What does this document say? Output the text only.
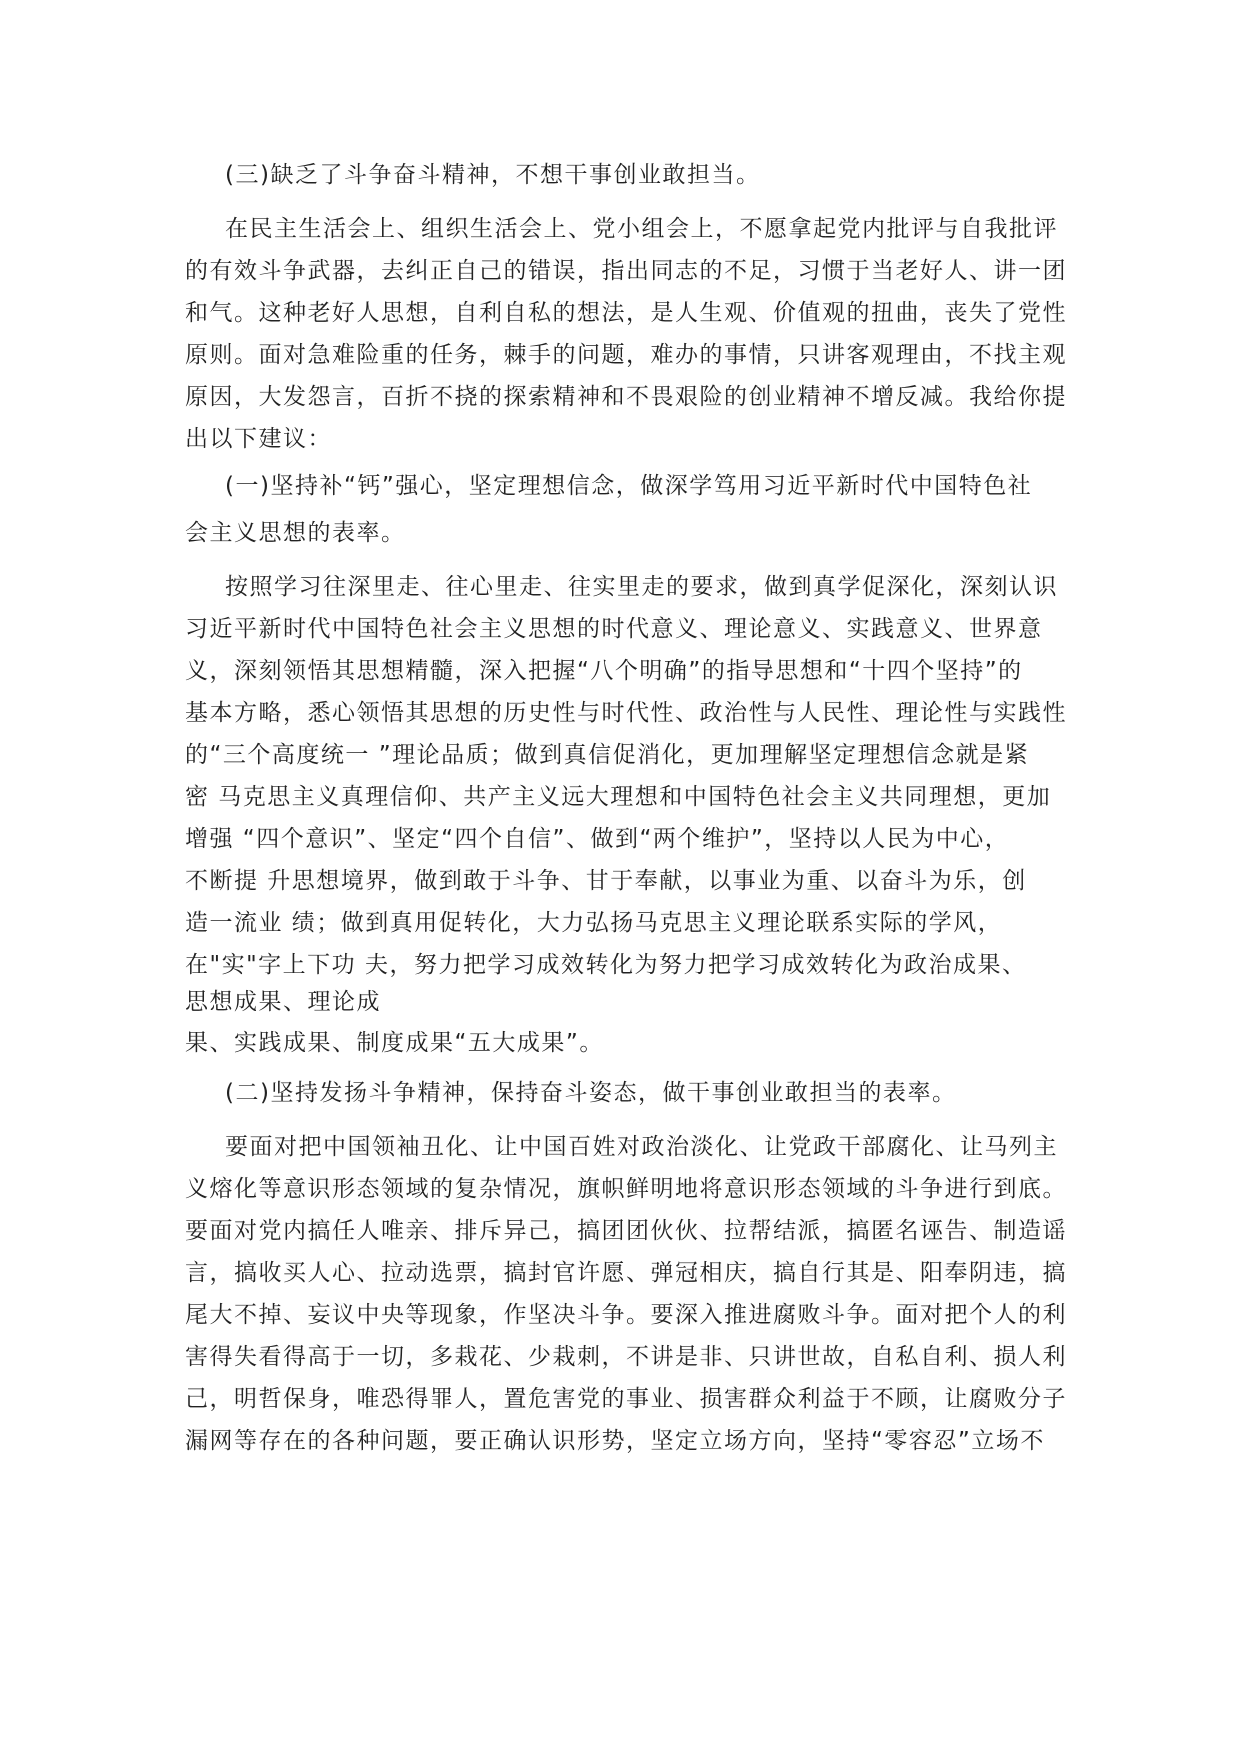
(三)缺乏了斗争奋斗精神，不想干事创业敢担当。

在民主生活会上、组织生活会上、党小组会上，不愿拿起党内批评与自我批评

的有效斗争武器，去纠正自己的错误，指出同志的不足，习惯于当老好人、讲一团

和气。这种老好人思想，自利自私的想法，是人生观、价值观的扭曲，丧失了党性

原则。面对急难险重的任务，棘手的问题，难办的事情，只讲客观理由，不找主观

原因，大发怨言，百折不挠的探索精神和不畏艰险的创业精神不增反减。我给你提

出以下建议：

(一)坚持补“钙”强心，坚定理想信念，做深学笃用习近平新时代中国特色社

会主义思想的表率。

按照学习往深里走、往心里走、往实里走的要求，做到真学促深化，深刻认识

习近平新时代中国特色社会主义思想的时代意义、理论意义、实践意义、世界意

义，深刻领悟其思想精髓，深入把握“八个明确”的指导思想和“十四个坚持”的

基本方略，悉心领悟其思想的历史性与时代性、政治性与人民性、理论性与实践性

的“三个高度统一 ”理论品质；做到真信促消化，更加理解坚定理想信念就是紧

密 马克思主义真理信仰、共产主义远大理想和中国特色社会主义共同理想，更加

增强 “四个意识”、坚定“四个自信”、做到“两个维护”，坚持以人民为中心，

不断提 升思想境界，做到敢于斗争、甘于奉献，以事业为重、以奋斗为乐，创

造一流业 绩；做到真用促转化，大力弘扬马克思主义理论联系实际的学风，

在"实"字上下功 夫，努力把学习成效转化为努力把学习成效转化为政治成果、

思想成果、理论成

果、实践成果、制度成果“五大成果”。

(二)坚持发扬斗争精神，保持奋斗姿态，做干事创业敢担当的表率。

要面对把中国领袖丑化、让中国百姓对政治淡化、让党政干部腐化、让马列主

义熔化等意识形态领域的复杂情况，旗帜鲜明地将意识形态领域的斗争进行到底。

要面对党内搞任人唯亲、排斥异己，搞团团伙伙、拉帮结派，搞匿名诬告、制造谣

言，搞收买人心、拉动选票，搞封官许愿、弹冠相庆，搞自行其是、阳奉阴违，搞

尾大不掉、妄议中央等现象，作坚决斗争。要深入推进腐败斗争。面对把个人的利

害得失看得高于一切，多栽花、少栽刺，不讲是非、只讲世故，自私自利、损人利

己，明哲保身，唯恐得罪人，置危害党的事业、损害群众利益于不顾，让腐败分子

漏网等存在的各种问题，要正确认识形势，坚定立场方向，坚持“零容忍”立场不
